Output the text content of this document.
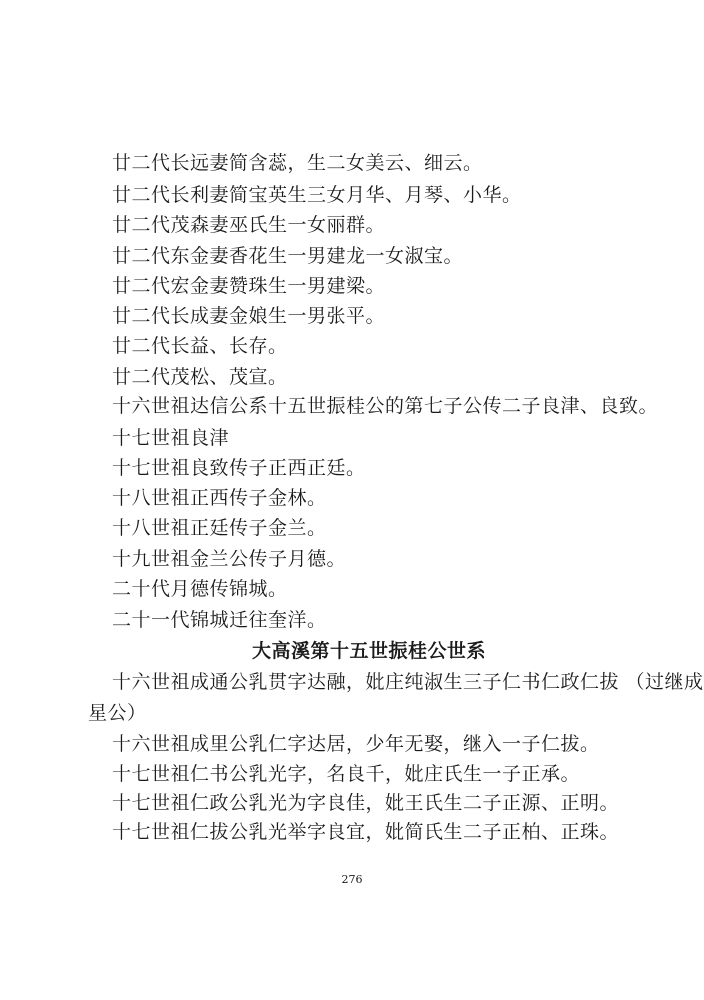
廿二代长远妻简含蕊，生二女美云、细云。
廿二代长利妻简宝英生三女月华、月琴、小华。
廿二代茂森妻巫氏生一女丽群。
廿二代东金妻香花生一男建龙一女淑宝。
廿二代宏金妻赞珠生一男建梁。
廿二代长成妻金娘生一男张平。
廿二代长益、长存。
廿二代茂松、茂宣。
十六世祖达信公系十五世振桂公的第七子公传二子良津、良致。
十七世祖良津
十七世祖良致传子正西正廷。
十八世祖正西传子金林。
十八世祖正廷传子金兰。
十九世祖金兰公传子月德。
二十代月德传锦城。
二十一代锦城迁往奎洋。
大高溪第十五世振桂公世系
十六世祖成通公乳贯字达融，妣庄纯淑生三子仁书仁政仁拔 （过继成
星公）
十六世祖成里公乳仁字达居，少年无娶，继入一子仁拔。
十七世祖仁书公乳光字，名良千，妣庄氏生一子正承。
十七世祖仁政公乳光为字良佳，妣王氏生二子正源、正明。
十七世祖仁拔公乳光举字良宜，妣简氏生二子正柏、正珠。
276
